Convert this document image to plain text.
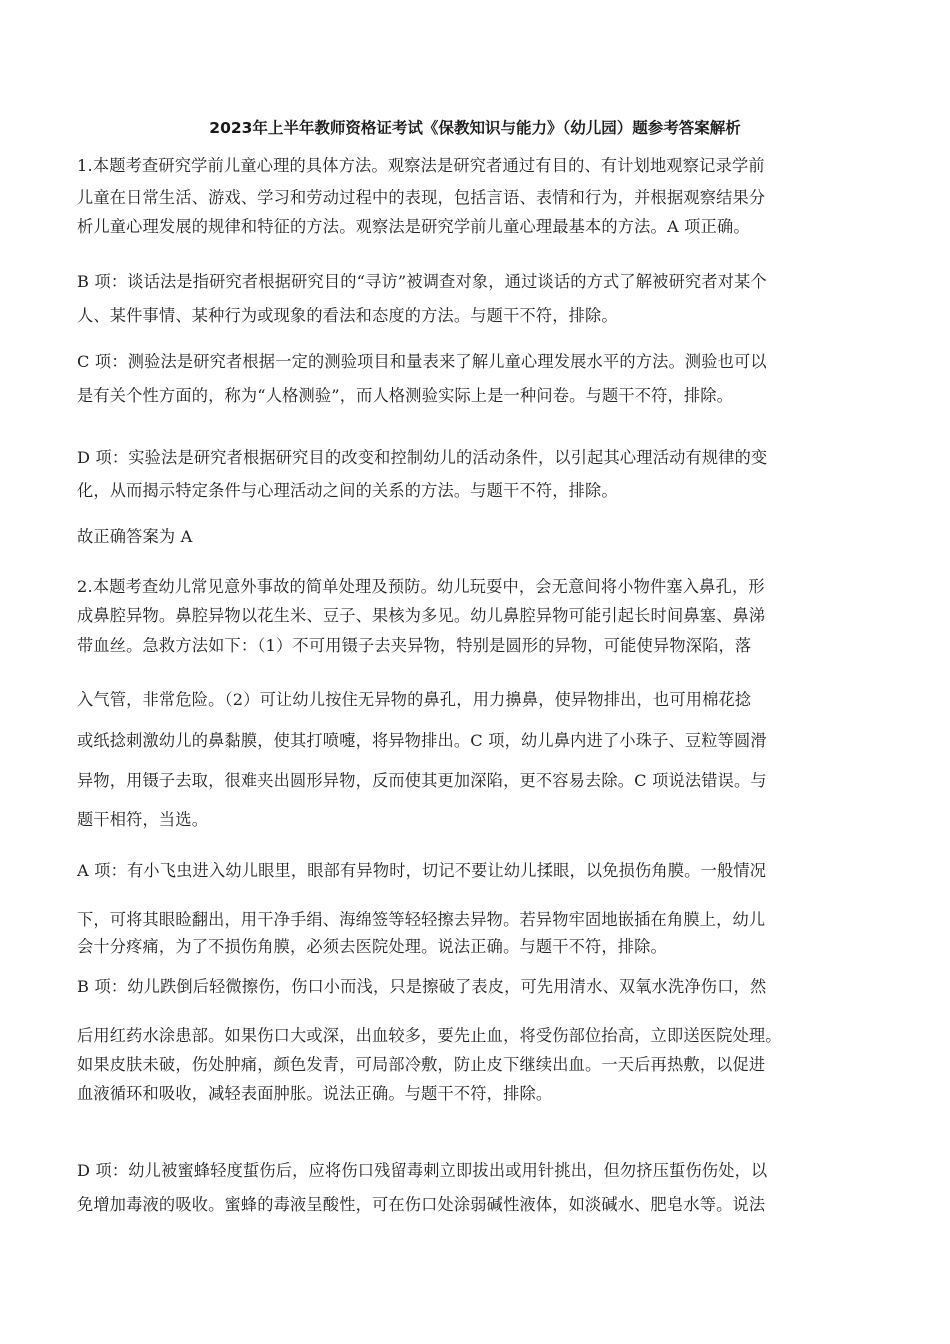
2023年上半年教师资格证考试《保教知识与能力》（幼儿园）题参考答案解析
1.本题考查研究学前儿童心理的具体方法。观察法是研究者通过有目的、有计划地观察记录学前
儿童在日常生活、游戏、学习和劳动过程中的表现，包括言语、表情和行为，并根据观察结果分
析儿童心理发展的规律和特征的方法。观察法是研究学前儿童心理最基本的方法。A 项正确。
B 项：谈话法是指研究者根据研究目的“寻访”被调查对象，通过谈话的方式了解被研究者对某个
人、某件事情、某种行为或现象的看法和态度的方法。与题干不符，排除。
C 项：测验法是研究者根据一定的测验项目和量表来了解儿童心理发展水平的方法。测验也可以
是有关个性方面的，称为“人格测验”，而人格测验实际上是一种问卷。与题干不符，排除。
D 项：实验法是研究者根据研究目的改变和控制幼儿的活动条件，以引起其心理活动有规律的变
化，从而揭示特定条件与心理活动之间的关系的方法。与题干不符，排除。
故正确答案为 A
2.本题考查幼儿常见意外事故的简单处理及预防。幼儿玩耍中，会无意间将小物件塞入鼻孔，形
成鼻腔异物。鼻腔异物以花生米、豆子、果核为多见。幼儿鼻腔异物可能引起长时间鼻塞、鼻涕
带血丝。急救方法如下：（1）不可用镊子去夹异物，特别是圆形的异物，可能使异物深陷，落
入气管，非常危险。（2）可让幼儿按住无异物的鼻孔，用力擤鼻，使异物排出，也可用棉花捻
或纸捻刺激幼儿的鼻黏膜，使其打喷嚏，将异物排出。C 项，幼儿鼻内进了小珠子、豆粒等圆滑
异物，用镊子去取，很难夹出圆形异物，反而使其更加深陷，更不容易去除。C 项说法错误。与
题干相符，当选。
A 项：有小飞虫进入幼儿眼里，眼部有异物时，切记不要让幼儿揉眼，以免损伤角膜。一般情况
下，可将其眼睑翻出，用干净手绢、海绵签等轻轻擦去异物。若异物牢固地嵌插在角膜上，幼儿
会十分疼痛，为了不损伤角膜，必须去医院处理。说法正确。与题干不符，排除。
B 项：幼儿跌倒后轻微擦伤，伤口小而浅，只是擦破了表皮，可先用清水、双氧水洗净伤口，然
后用红药水涂患部。如果伤口大或深，出血较多，要先止血，将受伤部位抬高，立即送医院处理。
如果皮肤未破，伤处肿痛，颜色发青，可局部冷敷，防止皮下继续出血。一天后再热敷，以促进
血液循环和吸收，减轻表面肿胀。说法正确。与题干不符，排除。
D 项：幼儿被蜜蜂轻度蜇伤后，应将伤口残留毒刺立即拔出或用针挑出，但勿挤压蜇伤伤处，以
免增加毒液的吸收。蜜蜂的毒液呈酸性，可在伤口处涂弱碱性液体，如淡碱水、肥皂水等。说法
